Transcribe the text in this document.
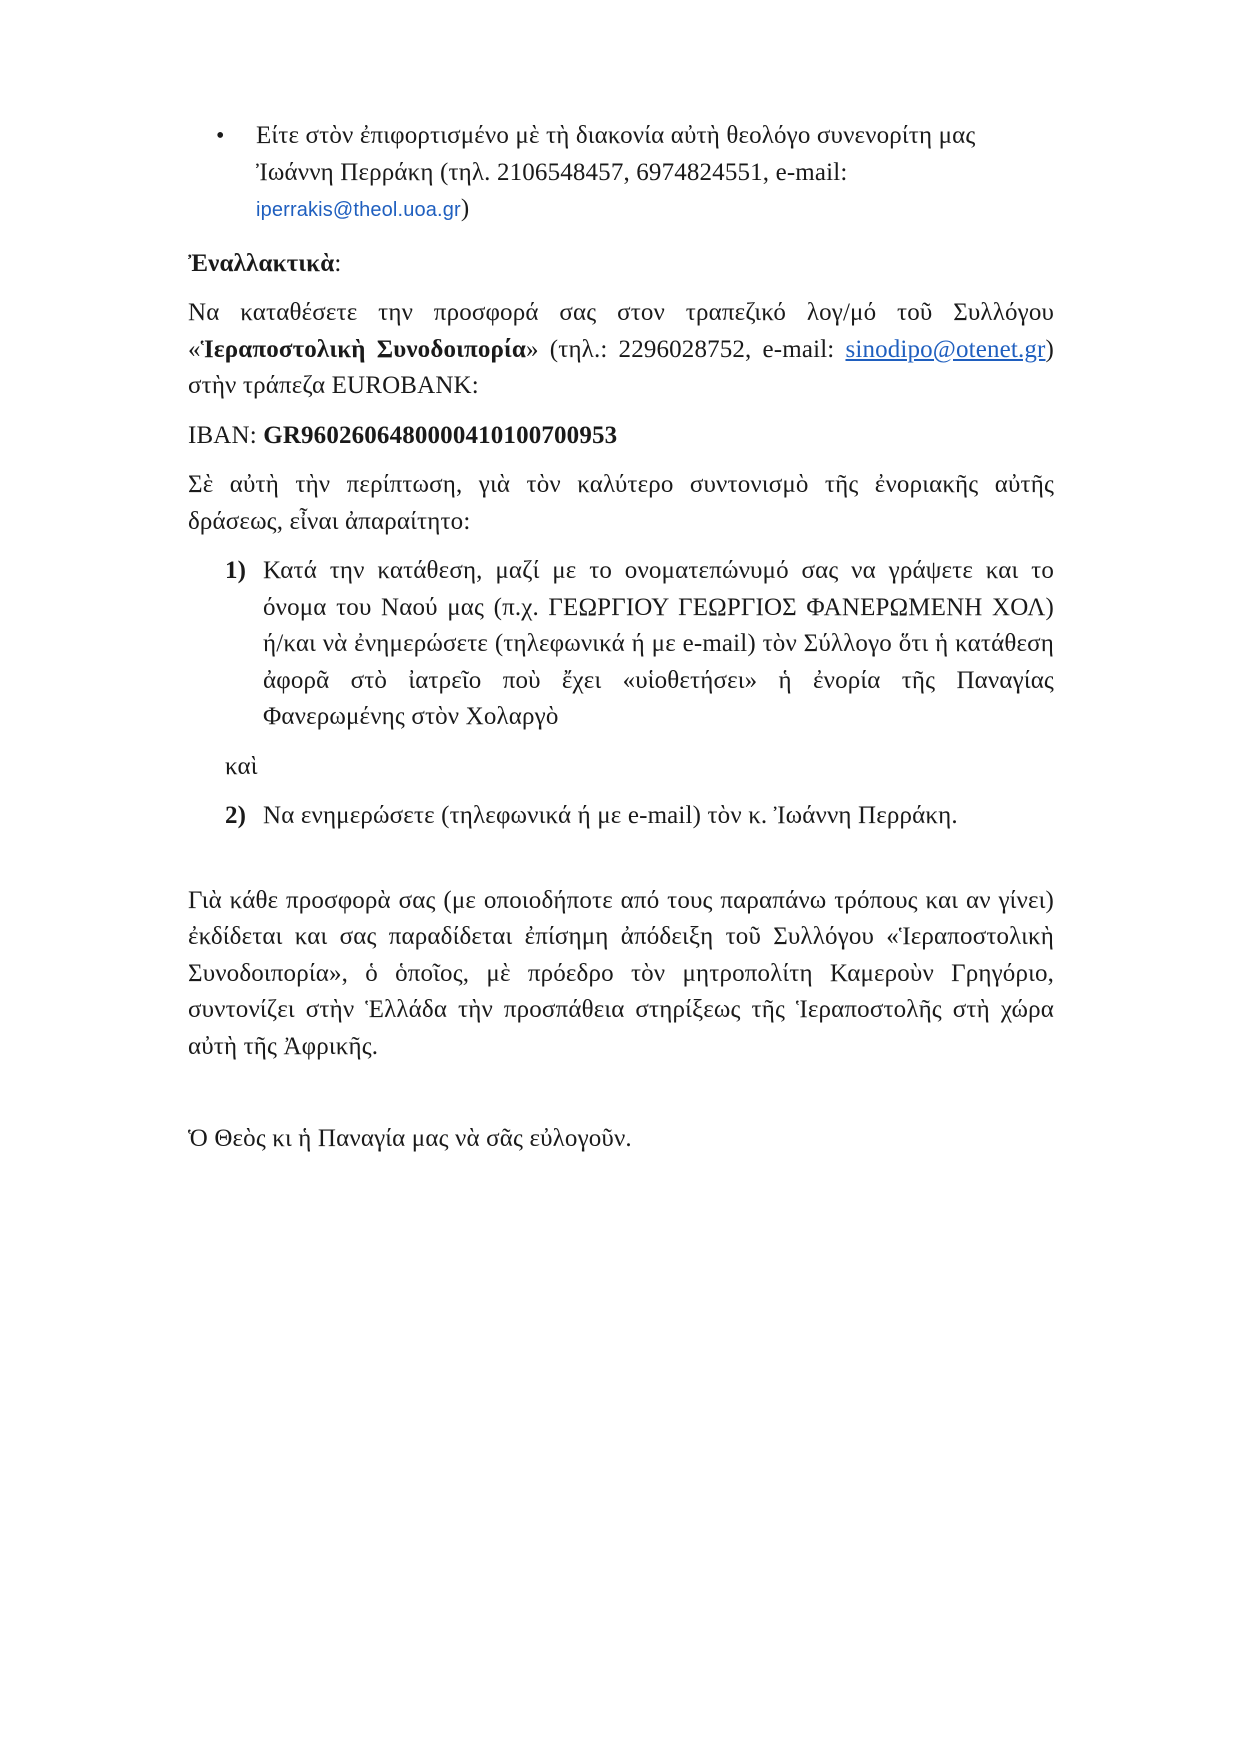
• Είτε στὸν ἐπιφορτισμένο μὲ τὴ διακονία αὐτὴ θεολόγο συνενορίτη μας Ἰωάννη Περράκη (τηλ. 2106548457, 6974824551, e-mail: iperrakis@theol.uoa.gr)

Ἐναλλακτικὰ:

Να καταθέσετε την προσφορά σας στον τραπεζικό λογ/μό τοῦ Συλλόγου «Ἱεραποστολικὴ Συνοδοιπορία» (τηλ.: 2296028752, e-mail: sinodipo@otenet.gr) στὴν τράπεζα EUROBANK:

IBAN: GR9602606480000410100700953

Σὲ αὐτὴ τὴν περίπτωση, γιὰ τὸν καλύτερο συντονισμὸ τῆς ἐνοριακῆς αὐτῆς δράσεως, εἶναι ἀπαραίτητο:

1) Κατά την κατάθεση, μαζί με το ονοματεπώνυμό σας να γράψετε και το όνομα του Ναού μας (π.χ. ΓΕΩΡΓΙΟΥ ΓΕΩΡΓΙΟΣ ΦΑΝΕΡΩΜΕΝΗ ΧΟΛ) ή/και νὰ ἐνημερώσετε (τηλεφωνικά ή με e-mail) τὸν Σύλλογο ὅτι ἡ κατάθεση ἀφορᾶ στὸ ἰατρεῖο ποὺ ἔχει «υἱοθετήσει» ἡ ἐνορία τῆς Παναγίας Φανερωμένης στὸν Χολαργὸ

καὶ

2) Να ενημερώσετε (τηλεφωνικά ή με e-mail) τὸν κ. Ἰωάννη Περράκη.

Γιὰ κάθε προσφορὰ σας (με οποιοδήποτε από τους παραπάνω τρόπους και αν γίνει) ἐκδίδεται και σας παραδίδεται ἐπίσημη ἀπόδειξη τοῦ Συλλόγου «Ἱεραποστολικὴ Συνοδοιπορία», ὁ ὁποῖος, μὲ πρόεδρο τὸν μητροπολίτη Καμεροὺν Γρηγόριο, συντονίζει στὴν Ἑλλάδα τὴν προσπάθεια στηρίξεως τῆς Ἱεραποστολῆς στὴ χώρα αὐτὴ τῆς Ἀφρικῆς.

Ὁ Θεὸς κι ἡ Παναγία μας νὰ σᾶς εὐλογοῦν.
